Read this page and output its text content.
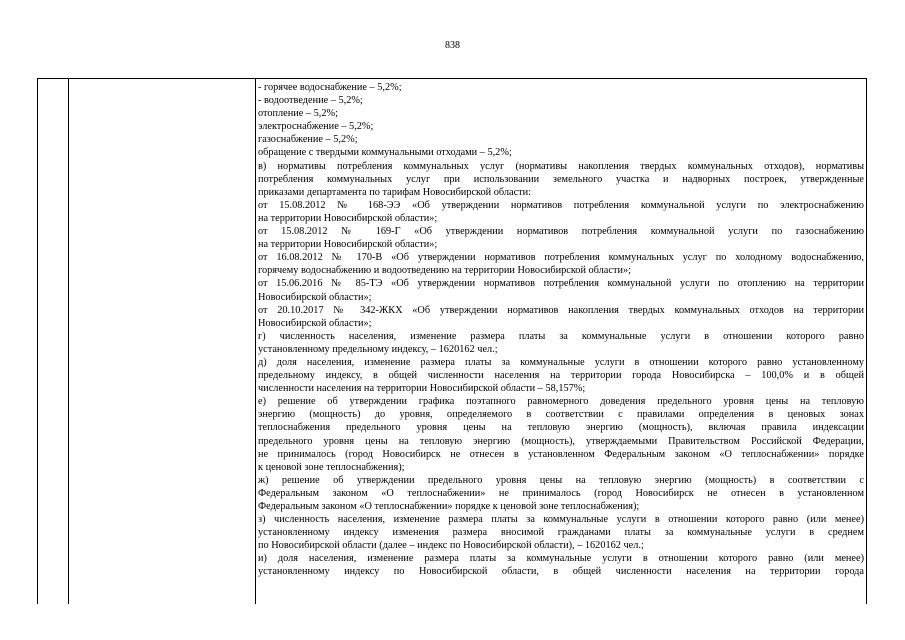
838
- горячее водоснабжение – 5,2%;
- водоотведение – 5,2%;
отопление – 5,2%;
электроснабжение – 5,2%;
газоснабжение – 5,2%;
обращение с твердыми коммунальными отходами – 5,2%;
в) нормативы потребления коммунальных услуг (нормативы накопления твердых коммунальных отходов), нормативы
потребления коммунальных услуг при использовании земельного участка и надворных построек, утвержденные
приказами департамента по тарифам Новосибирской области:
от 15.08.2012 № 168-ЭЭ «Об утверждении нормативов потребления коммунальной услуги по электроснабжению
на территории Новосибирской области»;
от 15.08.2012 № 169-Г «Об утверждении нормативов потребления коммунальной услуги по газоснабжению
на территории Новосибирской области»;
от 16.08.2012 № 170-В «Об утверждении нормативов потребления коммунальных услуг по холодному водоснабжению,
горячему водоснабжению и водоотведению на территории Новосибирской области»;
от 15.06.2016 № 85-ТЭ «Об утверждении нормативов потребления коммунальной услуги по отоплению на территории
Новосибирской области»;
от 20.10.2017 № 342-ЖКХ «Об утверждении нормативов накопления твердых коммунальных отходов на территории
Новосибирской области»;
г) численность населения, изменение размера платы за коммунальные услуги в отношении которого равно
установленному предельному индексу, – 1620162 чел.;
д) доля населения, изменение размера платы за коммунальные услуги в отношении которого равно установленному
предельному индексу, в общей численности населения на территории города Новосибирска – 100,0% и в общей
численности населения на территории Новосибирской области – 58,157%;
е) решение об утверждении графика поэтапного равномерного доведения предельного уровня цены на тепловую
энергию (мощность) до уровня, определяемого в соответствии с правилами определения в ценовых зонах
теплоснабжения предельного уровня цены на тепловую энергию (мощность), включая правила индексации
предельного уровня цены на тепловую энергию (мощность), утверждаемыми Правительством Российской Федерации,
не принималось (город Новосибирск не отнесен в установленном Федеральным законом «О теплоснабжении» порядке
к ценовой зоне теплоснабжения);
ж) решение об утверждении предельного уровня цены на тепловую энергию (мощность) в соответствии с
Федеральным законом «О теплоснабжении» не принималось (город Новосибирск не отнесен в установленном
Федеральным законом «О теплоснабжении» порядке к ценовой зоне теплоснабжения);
з) численность населения, изменение размера платы за коммунальные услуги в отношении которого равно (или менее)
установленному индексу изменения размера вносимой гражданами платы за коммунальные услуги в среднем
по Новосибирской области (далее – индекс по Новосибирской области), – 1620162 чел.;
и) доля населения, изменение размера платы за коммунальные услуги в отношении которого равно (или менее)
установленному индексу по Новосибирской области, в общей численности населения на территории города
